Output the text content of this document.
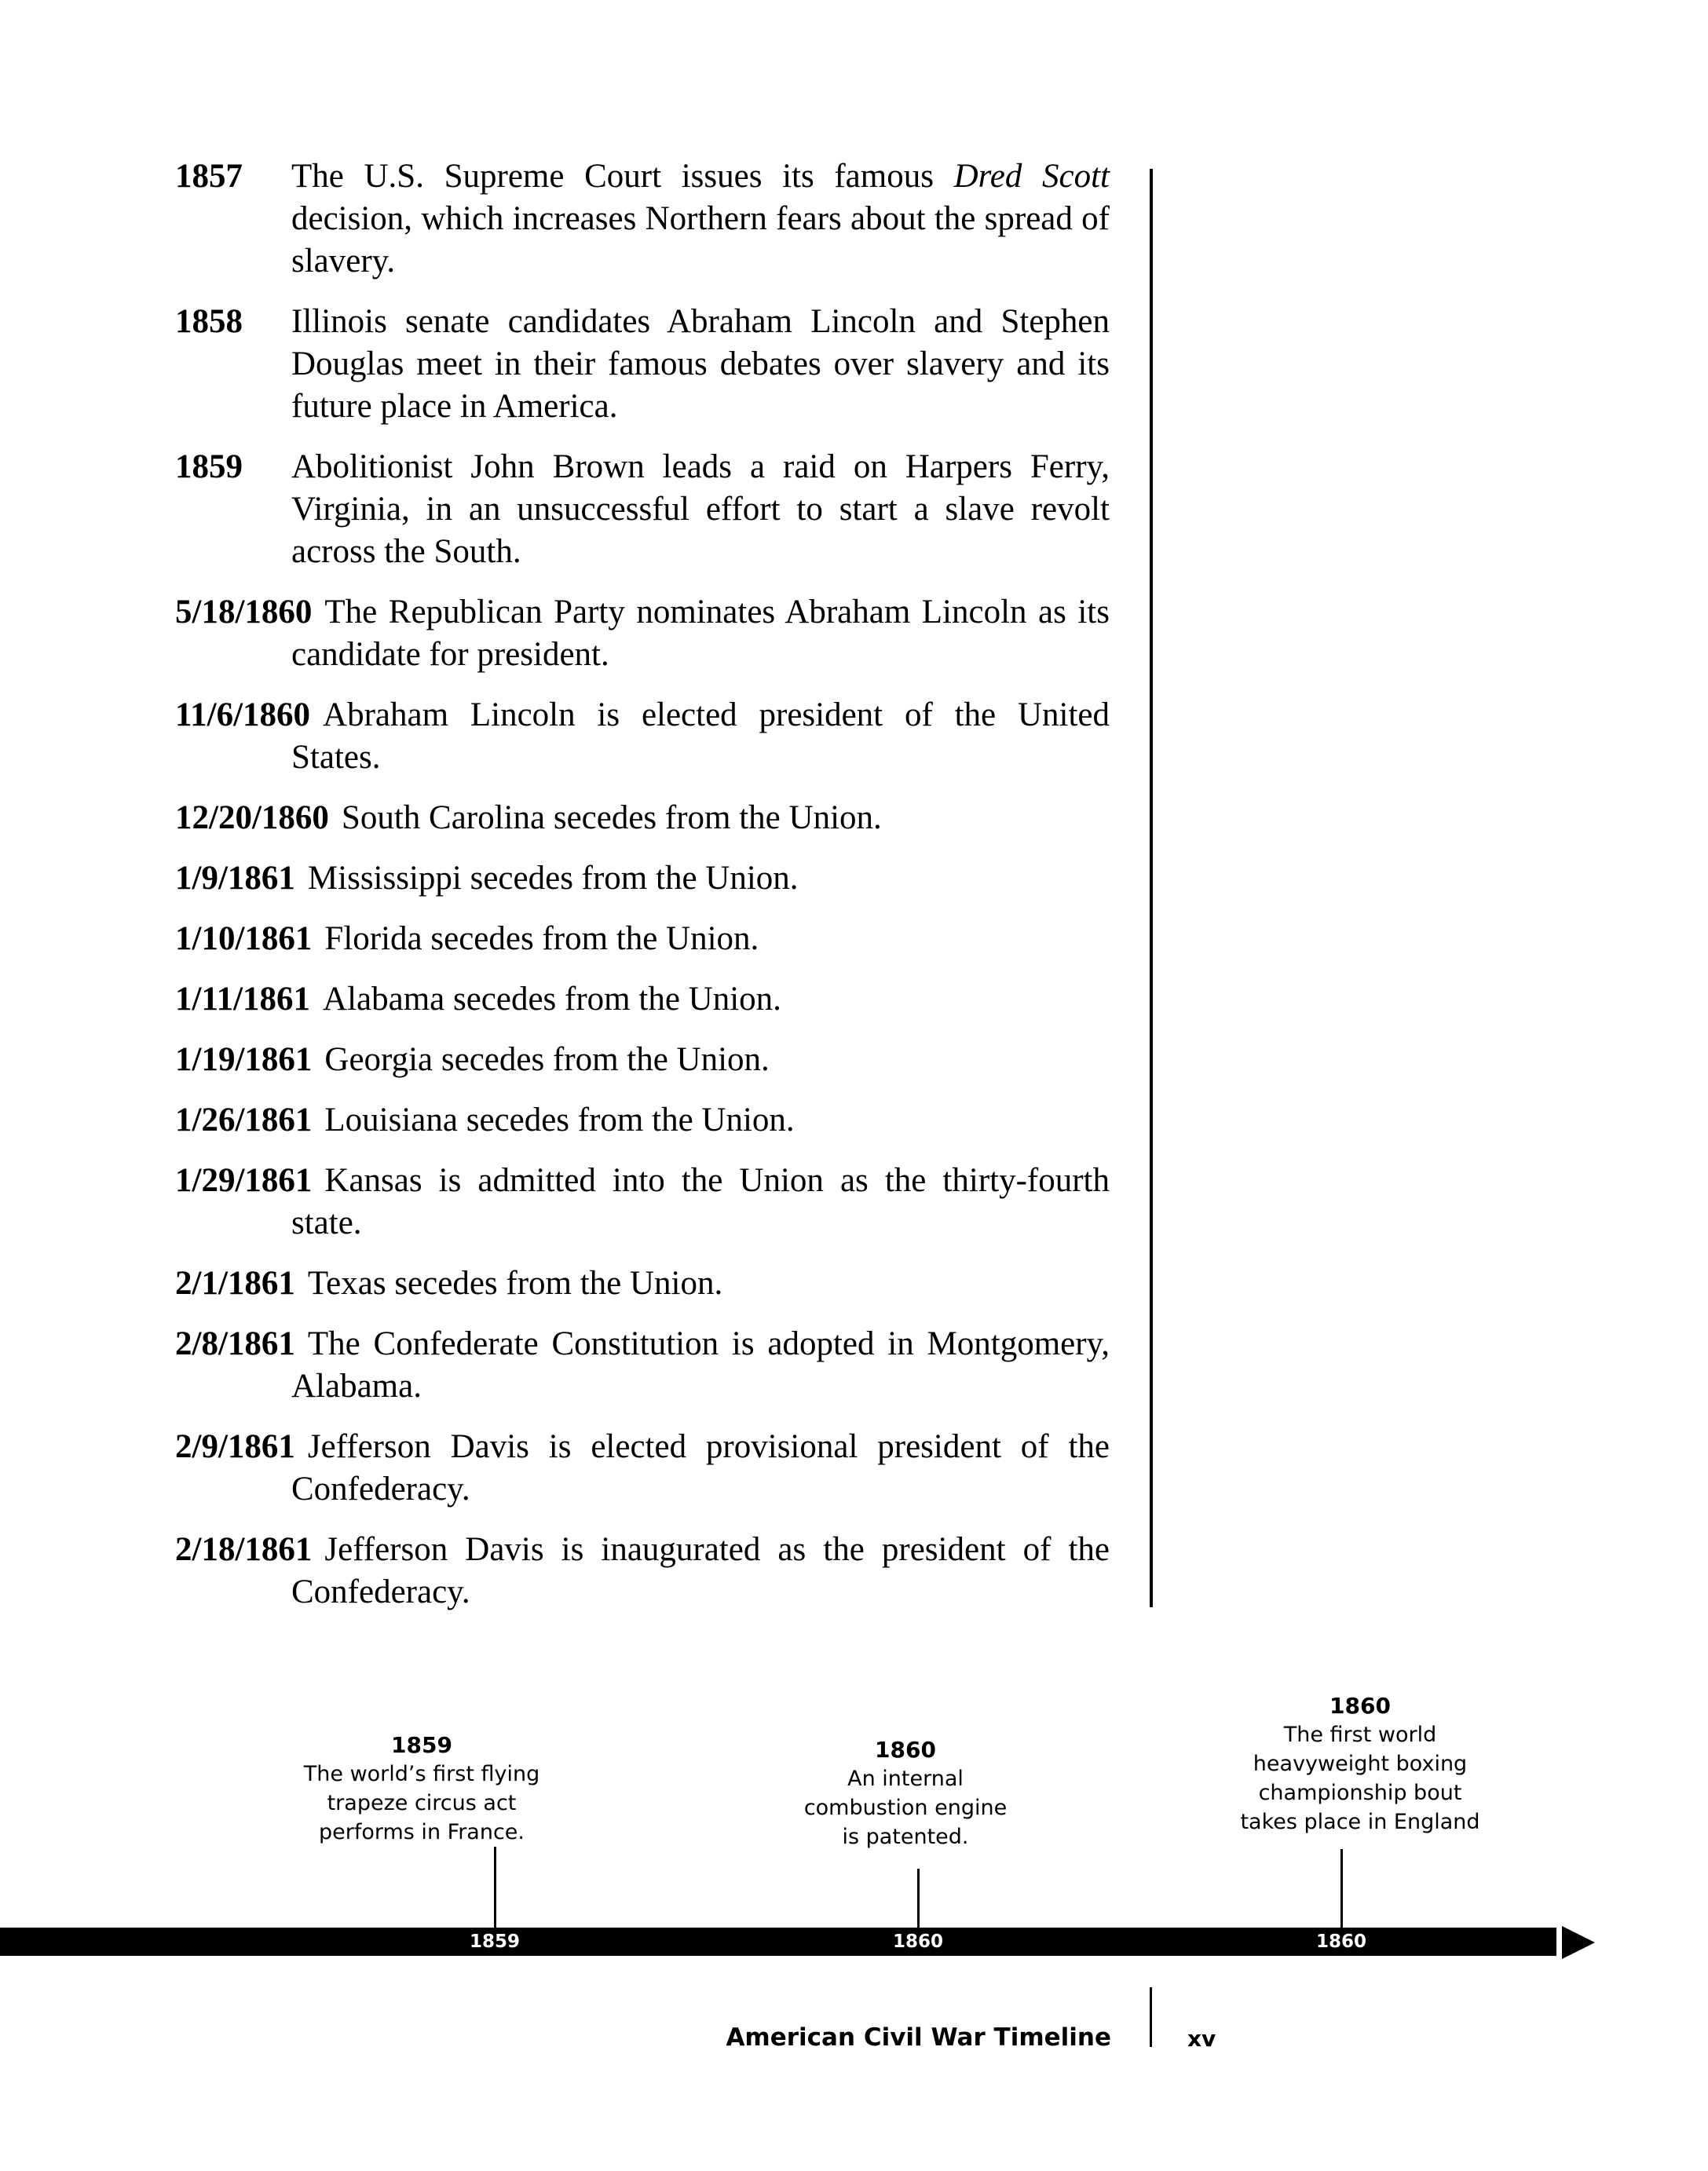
1857 The U.S. Supreme Court issues its famous Dred Scott decision, which increases Northern fears about the spread of slavery.

1858 Illinois senate candidates Abraham Lincoln and Stephen Douglas meet in their famous debates over slavery and its future place in America.

1859 Abolitionist John Brown leads a raid on Harpers Ferry, Virginia, in an unsuccessful effort to start a slave revolt across the South.

5/18/1860 The Republican Party nominates Abraham Lincoln as its candidate for president.

11/6/1860 Abraham Lincoln is elected president of the United States.

12/20/1860 South Carolina secedes from the Union.

1/9/1861 Mississippi secedes from the Union.

1/10/1861 Florida secedes from the Union.

1/11/1861 Alabama secedes from the Union.

1/19/1861 Georgia secedes from the Union.

1/26/1861 Louisiana secedes from the Union.

1/29/1861 Kansas is admitted into the Union as the thirty-fourth state.

2/1/1861 Texas secedes from the Union.

2/8/1861 The Confederate Constitution is adopted in Montgomery, Alabama.

2/9/1861 Jefferson Davis is elected provisional president of the Confederacy.

2/18/1861 Jefferson Davis is inaugurated as the president of the Confederacy.

1859
The world’s first flying
trapeze circus act
performs in France.
1860
An internal
combustion engine
is patented.
1860
The first world
heavyweight boxing
championship bout
takes place in England
1859	1860	1860
American Civil War Timeline	xv
